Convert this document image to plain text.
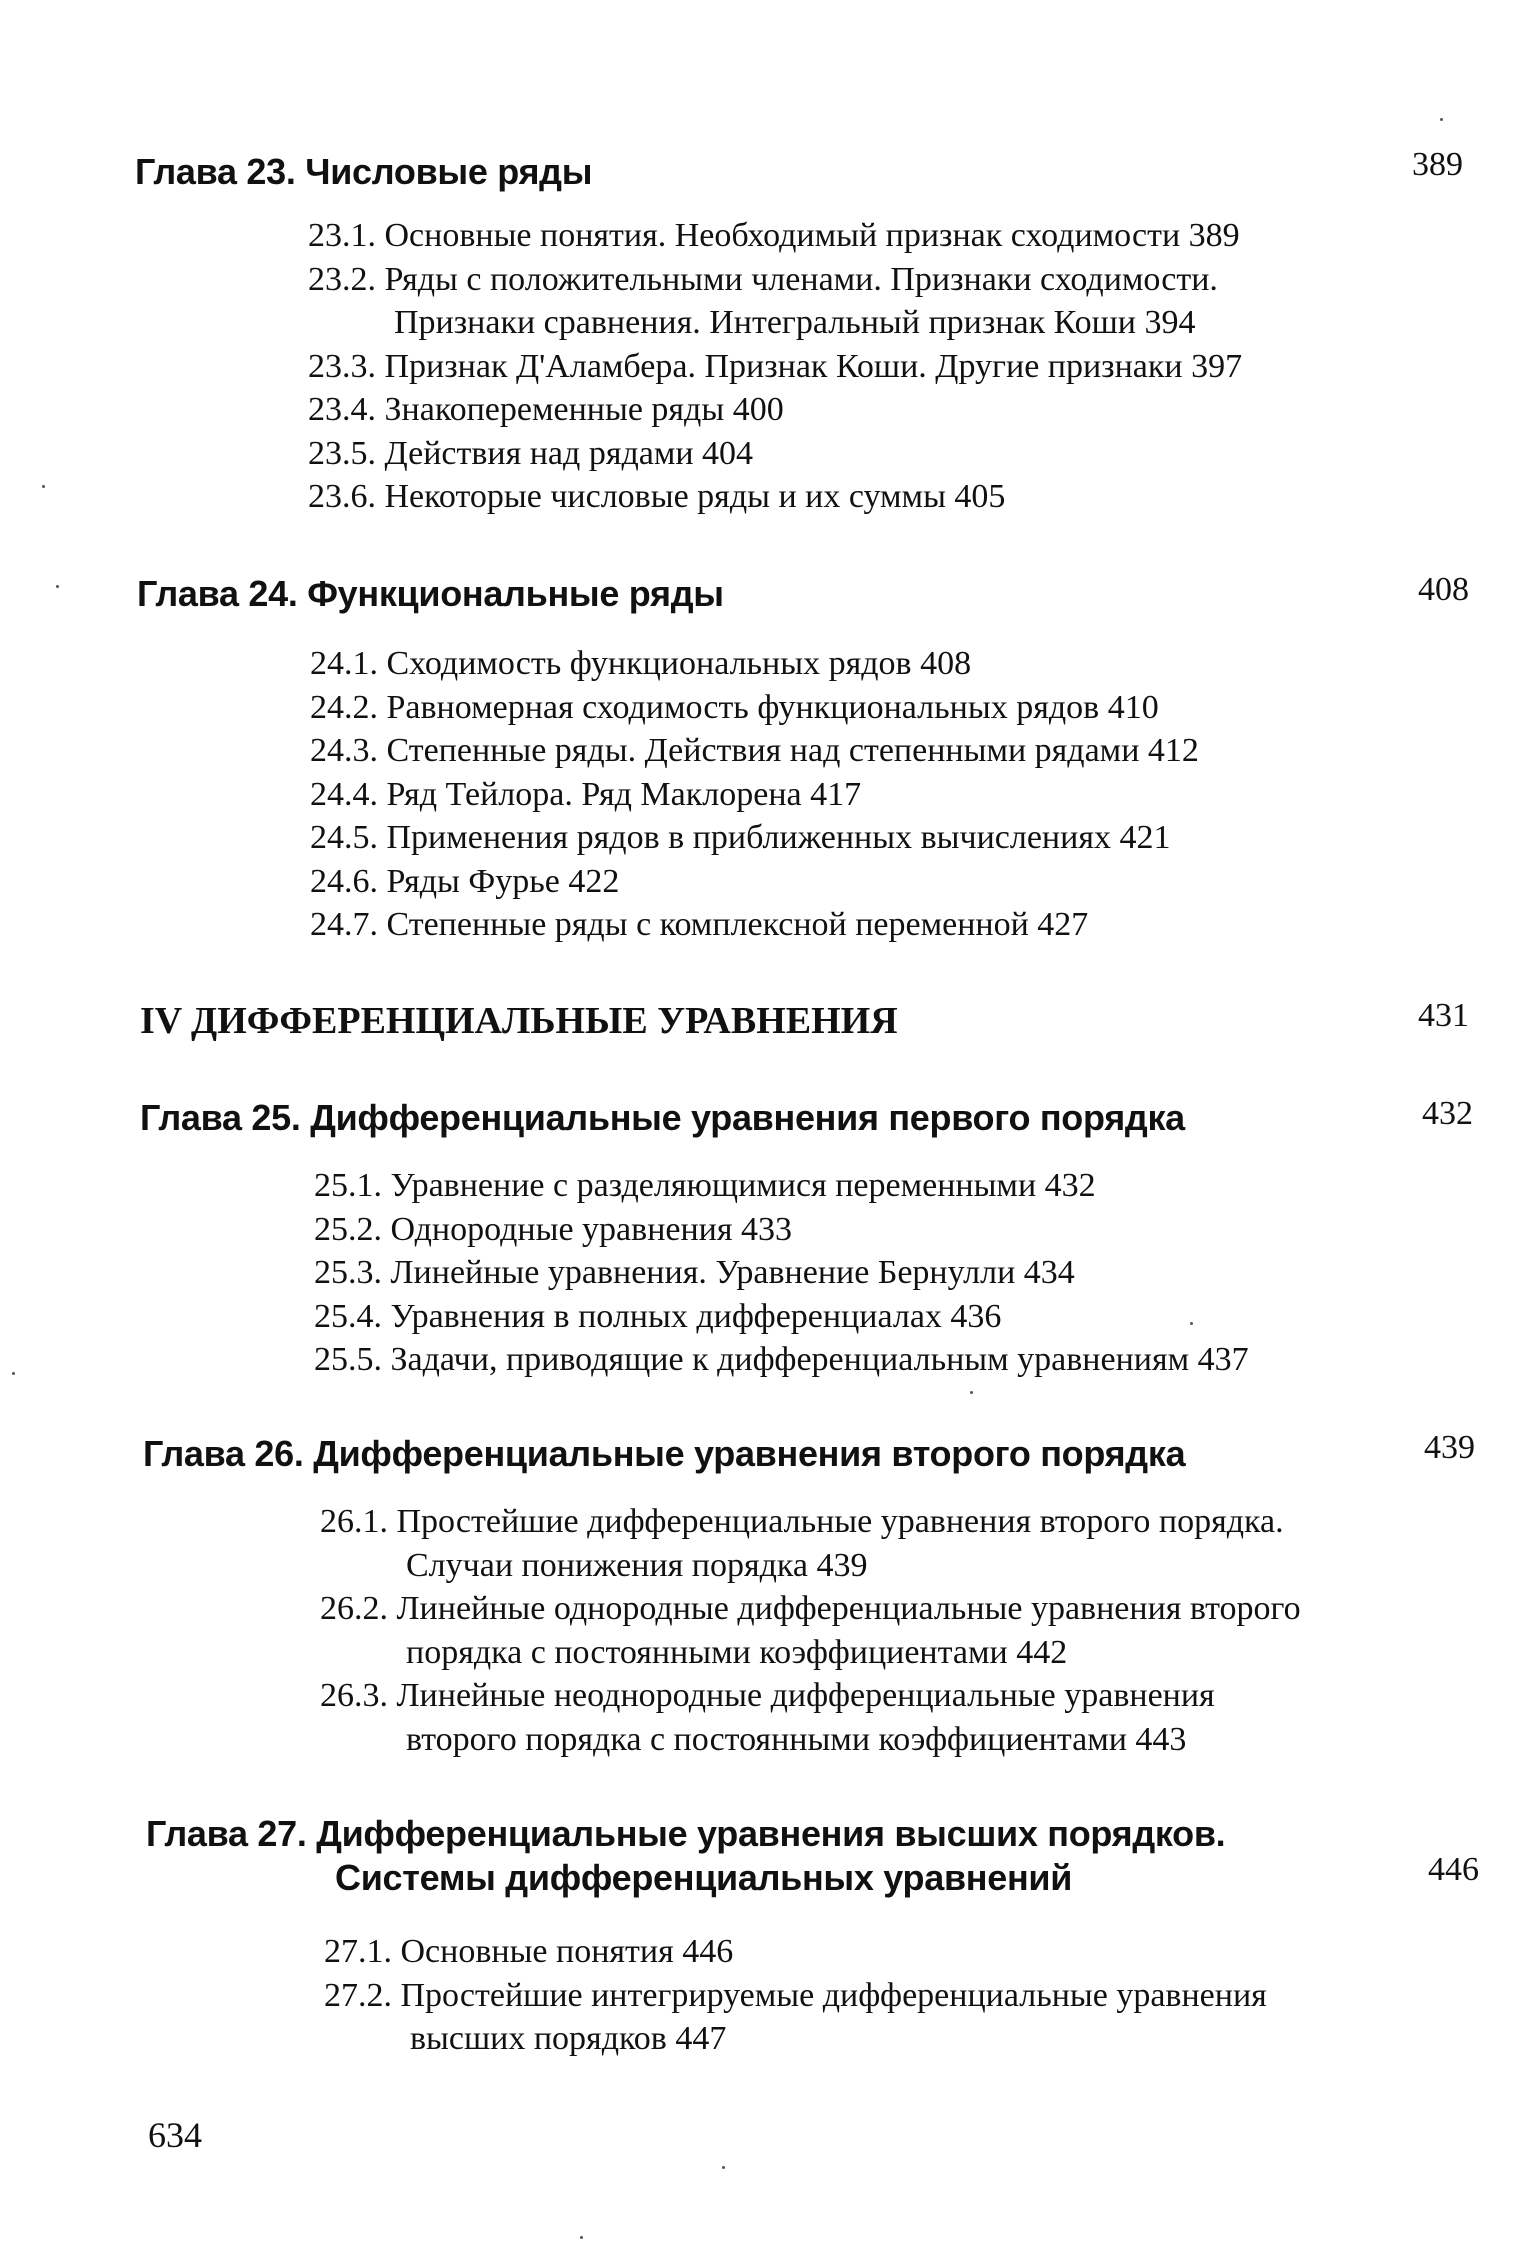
Глава 23. Числовые ряды	389
23.1. Основные понятия. Необходимый признак сходимости 389
23.2. Ряды с положительными членами. Признаки сходимости.
Признаки сравнения. Интегральный признак Коши 394
23.3. Признак Д'Аламбера. Признак Коши. Другие признаки 397
23.4. Знакопеременные ряды 400
23.5. Действия над рядами 404
23.6. Некоторые числовые ряды и их суммы 405
Глава 24. Функциональные ряды	408
24.1. Сходимость функциональных рядов 408
24.2. Равномерная сходимость функциональных рядов 410
24.3. Степенные ряды. Действия над степенными рядами 412
24.4. Ряд Тейлора. Ряд Маклорена 417
24.5. Применения рядов в приближенных вычислениях 421
24.6. Ряды Фурье 422
24.7. Степенные ряды с комплексной переменной 427
IV ДИФФЕРЕНЦИАЛЬНЫЕ УРАВНЕНИЯ	431
Глава 25. Дифференциальные уравнения первого порядка	432
25.1. Уравнение с разделяющимися переменными 432
25.2. Однородные уравнения 433
25.3. Линейные уравнения. Уравнение Бернулли 434
25.4. Уравнения в полных дифференциалах 436
25.5. Задачи, приводящие к дифференциальным уравнениям 437
Глава 26. Дифференциальные уравнения второго порядка	439
26.1. Простейшие дифференциальные уравнения второго порядка.
Случаи понижения порядка 439
26.2. Линейные однородные дифференциальные уравнения второго
порядка с постоянными коэффициентами 442
26.3. Линейные неоднородные дифференциальные уравнения
второго порядка с постоянными коэффициентами 443
Глава 27. Дифференциальные уравнения высших порядков.
Системы дифференциальных уравнений	446
27.1. Основные понятия 446
27.2. Простейшие интегрируемые дифференциальные уравнения
высших порядков 447
634
